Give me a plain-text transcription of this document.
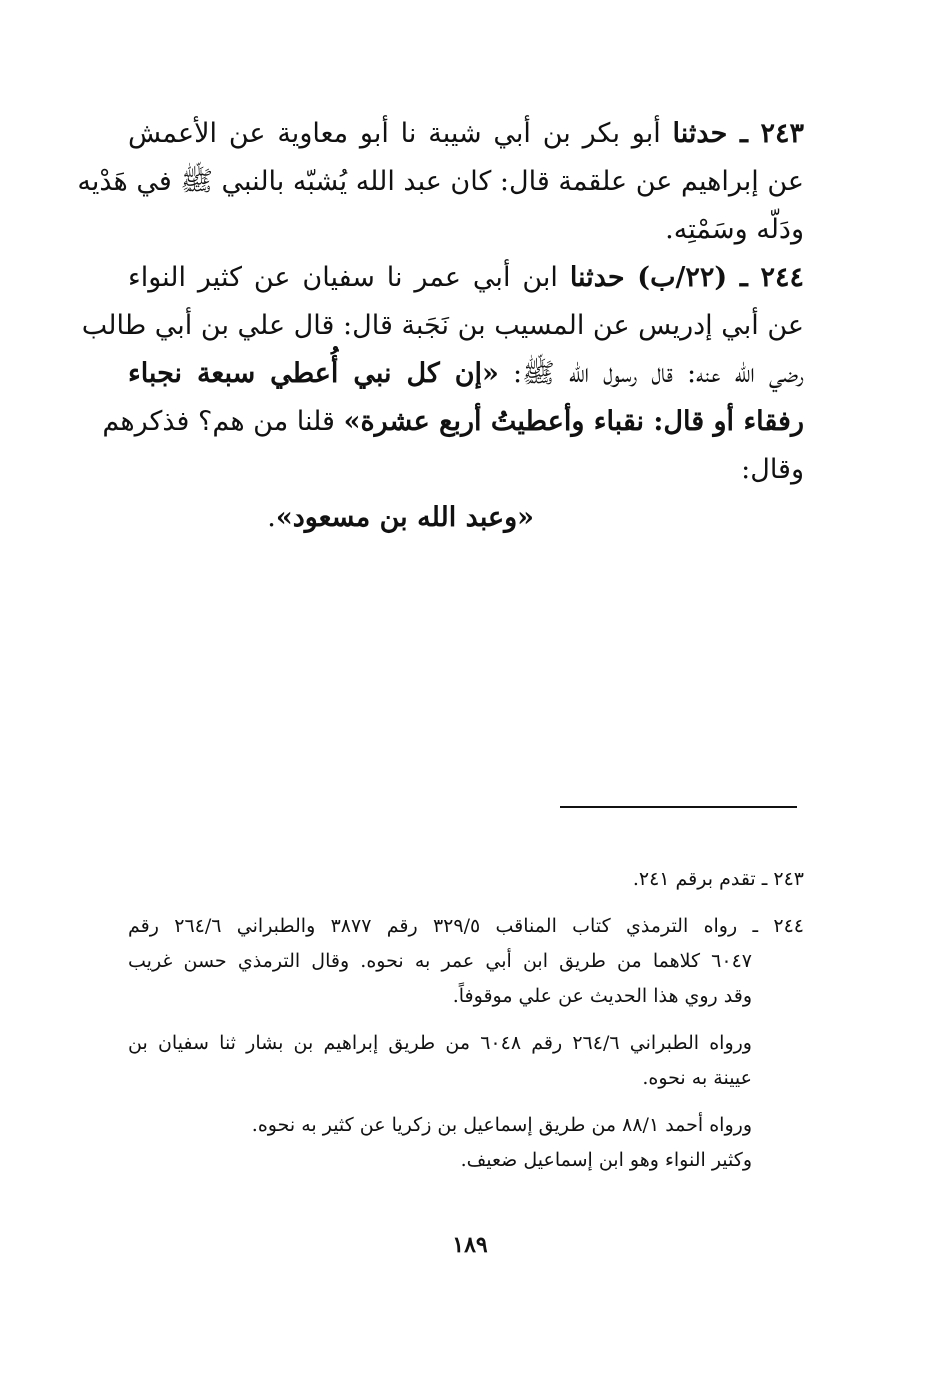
٢٤٣ ـ حدثنا أبو بكر بن أبي شيبة نا أبو معاوية عن الأعمش
عن إبراهيم عن علقمة قال: كان عبد الله يُشبّه بالنبي ﷺ في هَدْيه
ودَلّه وسَمْتِه.
٢٤٤ ـ (٢٢/ب) حدثنا ابن أبي عمر نا سفيان عن كثير النواء
عن أبي إدريس عن المسيب بن نَجَبة قال: قال علي بن أبي طالب
رضي الله عنه: قال رسول الله ﷺ: «إن كل نبي أُعطي سبعة نجباء
رفقاء أو قال: نقباء وأعطيتُ أربع عشرة» قلنا من هم؟ فذكرهم
وقال:
«وعبد الله بن مسعود».
٢٤٣ ـ تقدم برقم ٢٤١.
٢٤٤ ـ رواه الترمذي كتاب المناقب ٣٢٩/٥ رقم ٣٨٧٧ والطبراني ٢٦٤/٦ رقم
٦٠٤٧ كلاهما من طريق ابن أبي عمر به نحوه. وقال الترمذي حسن غريب
وقد روي هذا الحديث عن علي موقوفاً.
ورواه الطبراني ٢٦٤/٦ رقم ٦٠٤٨ من طريق إبراهيم بن بشار ثنا سفيان بن
عيينة به نحوه.
ورواه أحمد ٨٨/١ من طريق إسماعيل بن زكريا عن كثير به نحوه.
وكثير النواء وهو ابن إسماعيل ضعيف.
١٨٩
